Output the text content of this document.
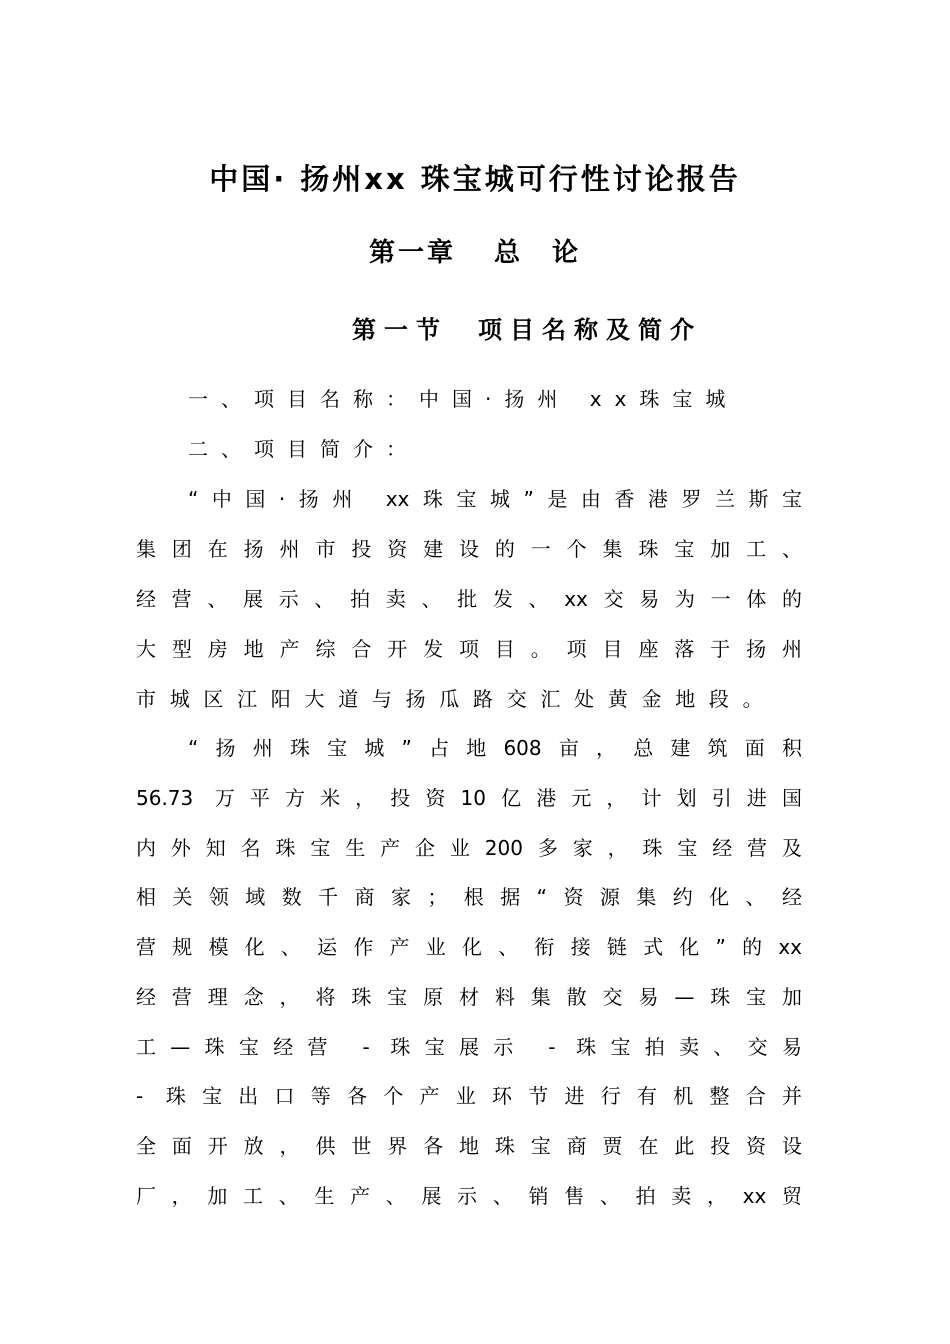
中国· 扬州xx 珠宝城可行性讨论报告
第一章 总　论
第一节 项目名称及简介
一、项目名称：中国·扬州 xx珠宝城
二、项目简介：
“中国·扬州 xx珠宝城”是由香港罗兰斯宝
集团在扬州市投资建设的一个集珠宝加工、
经营、展示、拍卖、批发、xx交易为一体的
大型房地产综合开发项目。项目座落于扬州
市城区江阳大道与扬瓜路交汇处黄金地段。
“扬州珠宝城”占地608亩，总建筑面积
56.73 万平方米，投资10亿港元，计划引进国
内外知名珠宝生产企业200多家，珠宝经营及
相关领域数千商家；根据“资源集约化、经
营规模化、运作产业化、衔接链式化”的xx
经营理念，将珠宝原材料集散交易—珠宝加
工—珠宝经营 - 珠宝展示 - 珠宝拍卖、交易
- 珠宝出口等各个产业环节进行有机整合并
全面开放，供世界各地珠宝商贾在此投资设
厂，加工、生产、展示、销售、拍卖，xx贸
